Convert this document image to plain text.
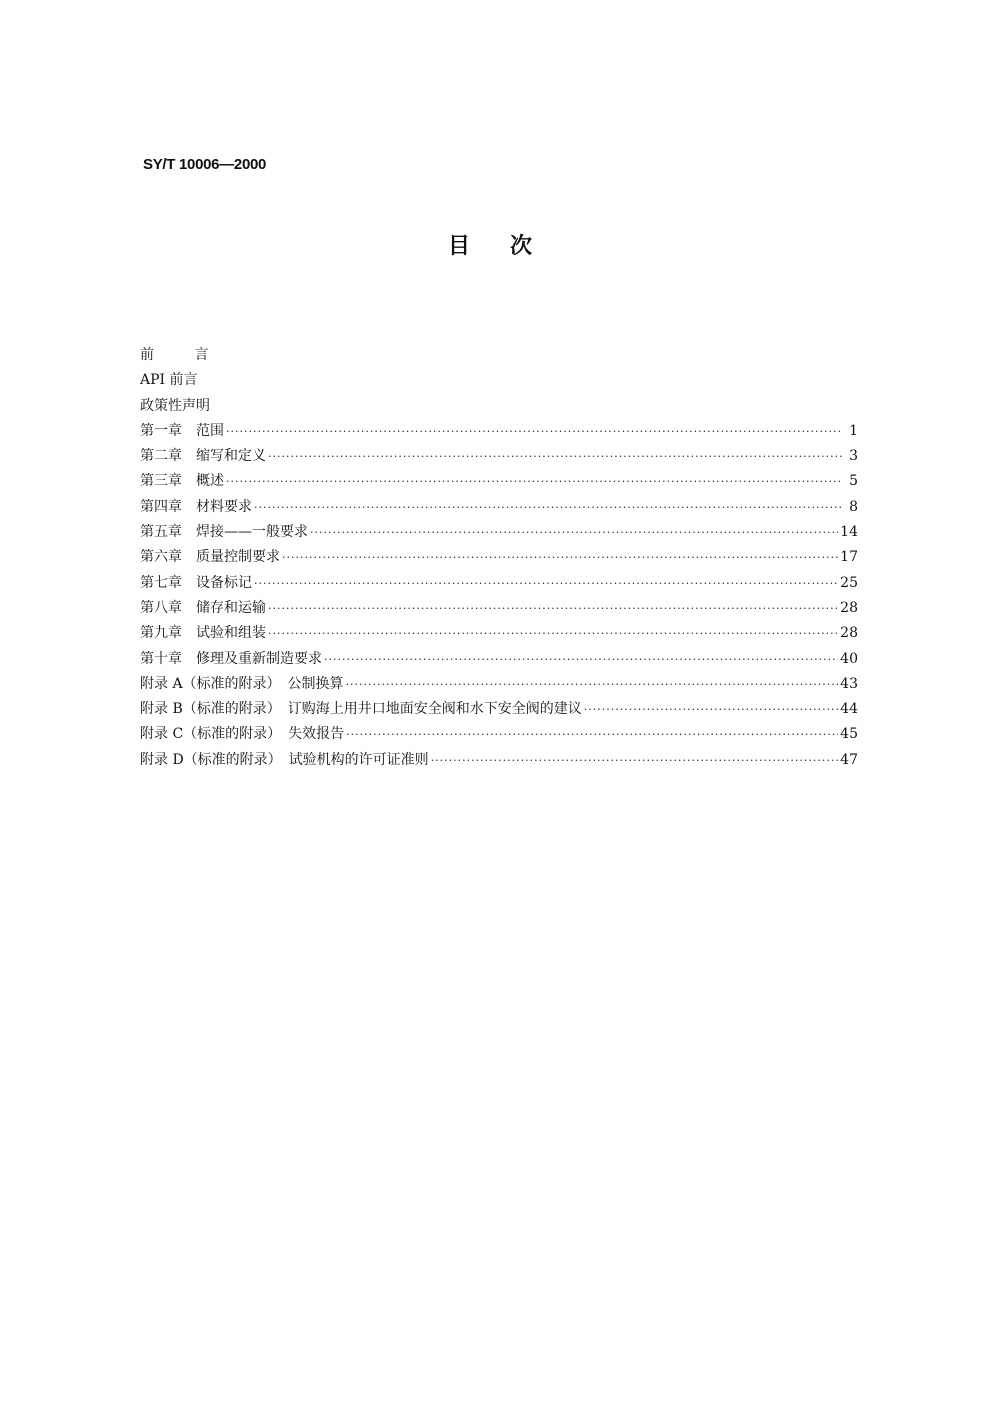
SY/T 10006—2000
目次
前 言
API 前言
政策性声明
第一章　范围 ·····	1
第二章　缩写和定义 ·····	3
第三章　概述 ·····	5
第四章　材料要求 ·····	8
第五章　焊接——一般要求 ·····	14
第六章　质量控制要求 ·····	17
第七章　设备标记 ·····	25
第八章　储存和运输 ·····	28
第九章　试验和组装 ·····	28
第十章　修理及重新制造要求 ·····	40
附录 A（标准的附录）　公制换算 ·····	43
附录 B（标准的附录）　订购海上用井口地面安全阀和水下安全阀的建议 ·····	44
附录 C（标准的附录）　失效报告 ·····	45
附录 D（标准的附录）　试验机构的许可证准则 ·····	47
